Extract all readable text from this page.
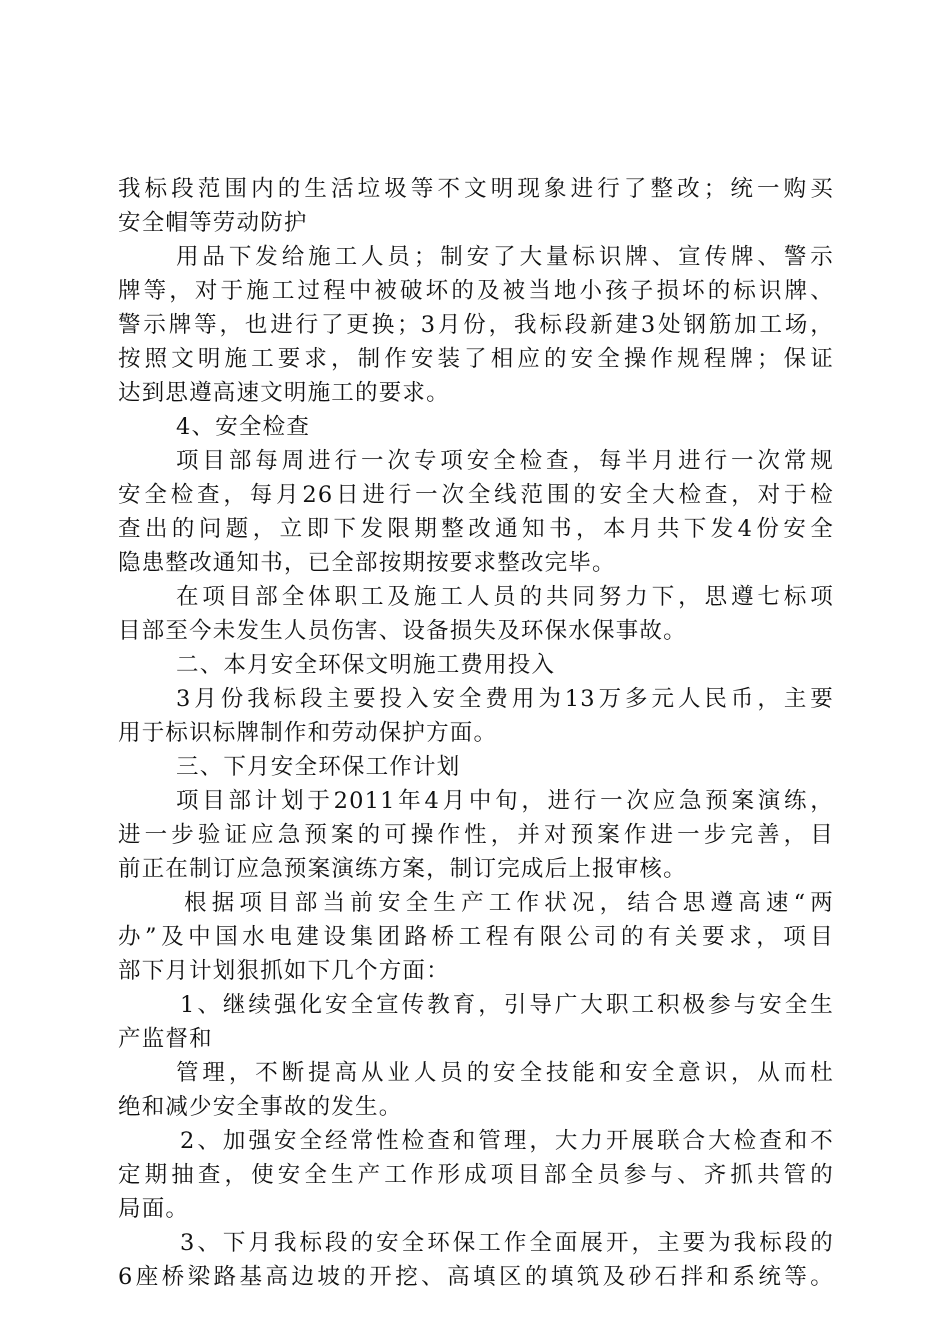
我标段范围内的生活垃圾等不文明现象进行了整改；统一购买
安全帽等劳动防护
用品下发给施工人员；制安了大量标识牌、宣传牌、警示
牌等，对于施工过程中被破坏的及被当地小孩子损坏的标识牌、
警示牌等，也进行了更换；3月份，我标段新建3处钢筋加工场，
按照文明施工要求，制作安装了相应的安全操作规程牌；保证
达到思遵高速文明施工的要求。
4、安全检查
项目部每周进行一次专项安全检查，每半月进行一次常规
安全检查，每月26日进行一次全线范围的安全大检查，对于检
查出的问题，立即下发限期整改通知书，本月共下发4份安全
隐患整改通知书，已全部按期按要求整改完毕。
在项目部全体职工及施工人员的共同努力下，思遵七标项
目部至今未发生人员伤害、设备损失及环保水保事故。
二、本月安全环保文明施工费用投入
3月份我标段主要投入安全费用为13万多元人民币，主要
用于标识标牌制作和劳动保护方面。
三、下月安全环保工作计划
项目部计划于2011年4月中旬，进行一次应急预案演练，
进一步验证应急预案的可操作性，并对预案作进一步完善，目
前正在制订应急预案演练方案，制订完成后上报审核。
根据项目部当前安全生产工作状况，结合思遵高速“两
办”及中国水电建设集团路桥工程有限公司的有关要求，项目
部下月计划狠抓如下几个方面：
1、继续强化安全宣传教育，引导广大职工积极参与安全生
产监督和
管理，不断提高从业人员的安全技能和安全意识，从而杜
绝和减少安全事故的发生。
2、加强安全经常性检查和管理，大力开展联合大检查和不
定期抽查，使安全生产工作形成项目部全员参与、齐抓共管的
局面。
3、下月我标段的安全环保工作全面展开，主要为我标段的
6座桥梁路基高边坡的开挖、高填区的填筑及砂石拌和系统等。
